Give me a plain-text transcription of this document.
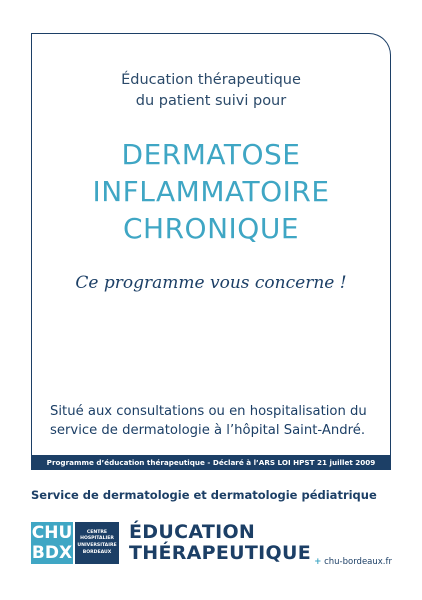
Éducation thérapeutique
du patient suivi pour
DERMATOSE
INFLAMMATOIRE
CHRONIQUE
Ce programme vous concerne !
Situé aux consultations ou en hospitalisation du
service de dermatologie à l’hôpital Saint-André.
Programme d’éducation thérapeutique - Déclaré à l’ARS LOI HPST 21 juillet 2009
Service de dermatologie et dermatologie pédiatrique
CHU
BDX
CENTRE
HOSPITALIER
UNIVERSITAIRE
BORDEAUX
ÉDUCATION
THÉRAPEUTIQUE + chu-bordeaux.fr
